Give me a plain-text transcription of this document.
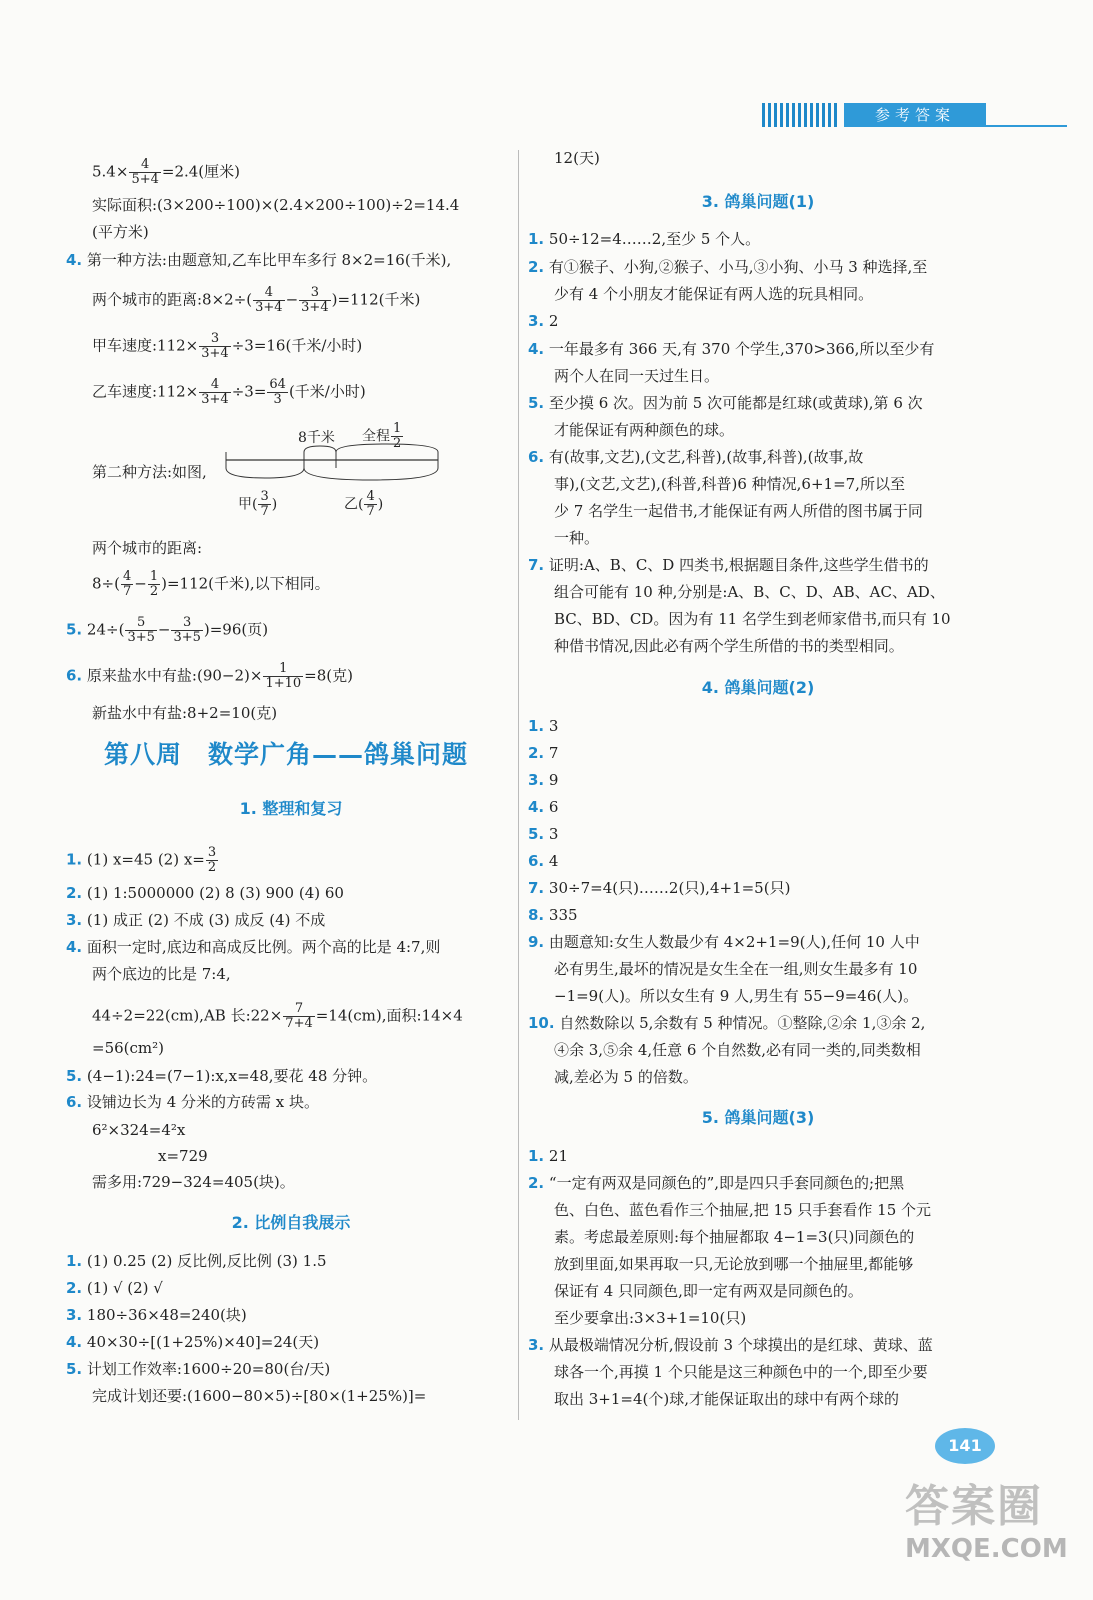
参考答案
$5.4\times \frac{4}{5+4} =2.4$(厘米)
实际面积:(3×200÷100)×(2.4×200÷100)÷2=14.4
(平方米)
4. 第一种方法:由题意知,乙车比甲车多行 8×2=16(千米),
两个城市的距离:8×2÷( $\frac{4}{3+4} - \frac{3}{3+4} )=112$(千米)
甲车速度:112× $\frac{3}{3+4} \div 3=16$(千米/小时)
乙车速度:112× $\frac{4}{3+4} \div 3= \frac{64}{3}$ (千米/小时)
8千米 全程 $\frac{1}{2}$
第二种方法:如图,
甲( $\frac{3}{7}$ )	乙( $\frac{4}{7}$ )
两个城市的距离:
$8\div( \frac{4}{7} - \frac{1}{2} )=112$(千米),以下相同。
5. $24\div( \frac{5}{3+5} - \frac{3}{3+5} )=96$(页)
6. 原来盐水中有盐:(90−2)× $\frac{1}{1+10} =8$(克)
新盐水中有盐:8+2=10(克)
第八周　数学广角——鸽巢问题
1. 整理和复习
1. (1) x=45 (2) $x= \frac{3}{2}$
2. (1) 1:5000000 (2) 8 (3) 900 (4) 60
3. (1) 成正 (2) 不成 (3) 成反 (4) 不成
4. 面积一定时,底边和高成反比例。两个高的比是 4:7,则
两个底边的比是 7:4,
44÷2=22(cm),AB 长:22× $\frac{7}{7+4} =14(cm)$,面积:14×4
=56(cm²)
5. (4−1):24=(7−1):x,x=48,要花 48 分钟。
6. 设铺边长为 4 分米的方砖需 x 块。
6²×324=4²x
x=729
需多用:729−324=405(块)。
2. 比例自我展示
1. (1) 0.25 (2) 反比例,反比例 (3) 1.5
2. (1) √ (2) √
3. 180÷36×48=240(块)
4. 40×30÷[(1+25%)×40]=24(天)
5. 计划工作效率:1600÷20=80(台/天)
完成计划还要:(1600−80×5)÷[80×(1+25%)]=
12(天)
3. 鸽巢问题(1)
1. 50÷12=4……2,至少 5 个人。
2. 有①猴子、小狗,②猴子、小马,③小狗、小马 3 种选择,至
少有 4 个小朋友才能保证有两人选的玩具相同。
3. 2
4. 一年最多有 366 天,有 370 个学生,370>366,所以至少有
两个人在同一天过生日。
5. 至少摸 6 次。因为前 5 次可能都是红球(或黄球),第 6 次
才能保证有两种颜色的球。
6. 有(故事,文艺),(文艺,科普),(故事,科普),(故事,故
事),(文艺,文艺),(科普,科普)6 种情况,6+1=7,所以至
少 7 名学生一起借书,才能保证有两人所借的图书属于同
一种。
7. 证明:A、B、C、D 四类书,根据题目条件,这些学生借书的
组合可能有 10 种,分别是:A、B、C、D、AB、AC、AD、
BC、BD、CD。因为有 11 名学生到老师家借书,而只有 10
种借书情况,因此必有两个学生所借的书的类型相同。
4. 鸽巢问题(2)
1. 3
2. 7
3. 9
4. 6
5. 3
6. 4
7. 30÷7=4(只)……2(只),4+1=5(只)
8. 335
9. 由题意知:女生人数最少有 4×2+1=9(人),任何 10 人中
必有男生,最坏的情况是女生全在一组,则女生最多有 10
−1=9(人)。所以女生有 9 人,男生有 55−9=46(人)。
10. 自然数除以 5,余数有 5 种情况。①整除,②余 1,③余 2,
④余 3,⑤余 4,任意 6 个自然数,必有同一类的,同类数相
减,差必为 5 的倍数。
5. 鸽巢问题(3)
1. 21
2. “一定有两双是同颜色的”,即是四只手套同颜色的;把黑
色、白色、蓝色看作三个抽屉,把 15 只手套看作 15 个元
素。考虑最差原则:每个抽屉都取 4−1=3(只)同颜色的
放到里面,如果再取一只,无论放到哪一个抽屉里,都能够
保证有 4 只同颜色,即一定有两双是同颜色的。
至少要拿出:3×3+1=10(只)
3. 从最极端情况分析,假设前 3 个球摸出的是红球、黄球、蓝
球各一个,再摸 1 个只能是这三种颜色中的一个,即至少要
取出 3+1=4(个)球,才能保证取出的球中有两个球的
141
答案圈
MXQE.COM
